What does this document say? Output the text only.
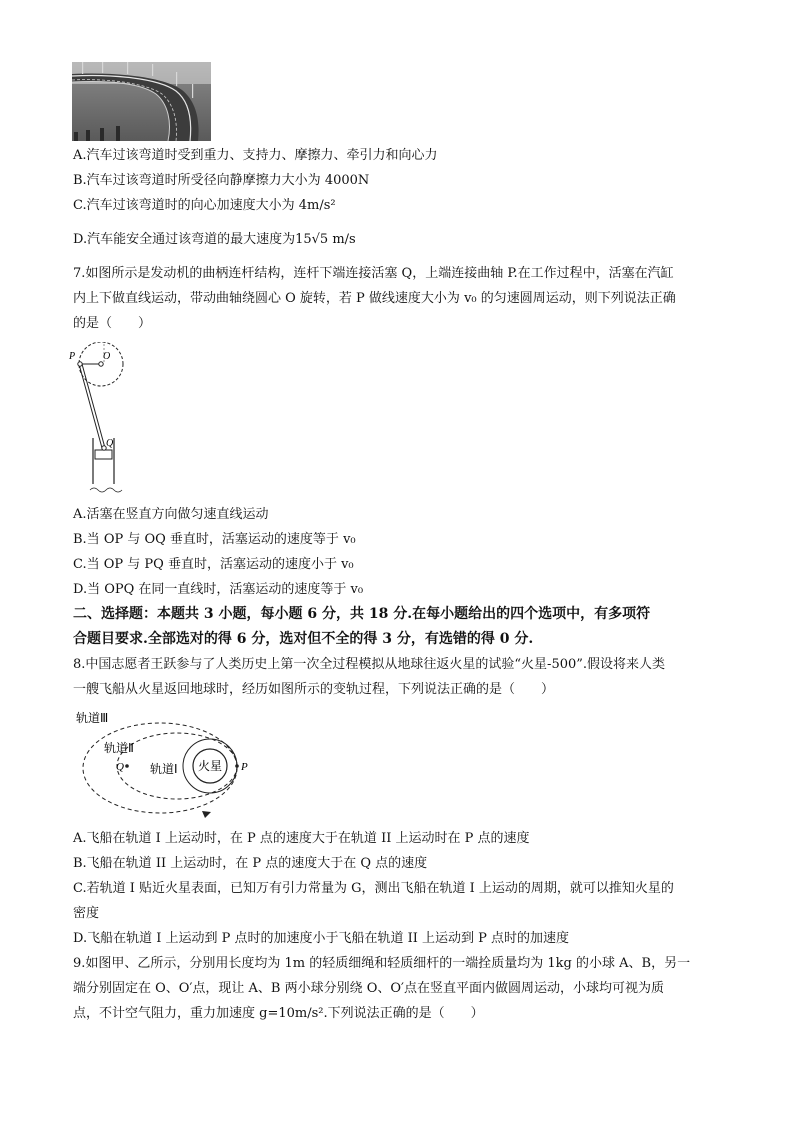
A.汽车过该弯道时受到重力、支持力、摩擦力、牵引力和向心力
B.汽车过该弯道时所受径向静摩擦力大小为 4000N
C.汽车过该弯道时的向心加速度大小为 4m/s²
D.汽车能安全通过该弯道的最大速度为15√5 m/s
7.如图所示是发动机的曲柄连杆结构，连杆下端连接活塞 Q，上端连接曲轴 P.在工作过程中，活塞在汽缸
内上下做直线运动，带动曲轴绕圆心 O 旋转，若 P 做线速度大小为 v₀ 的匀速圆周运动，则下列说法正确
的是（　　）
P	O
Q
A.活塞在竖直方向做匀速直线运动
B.当 OP 与 OQ 垂直时，活塞运动的速度等于 v₀
C.当 OP 与 PQ 垂直时，活塞运动的速度小于 v₀
D.当 OPQ 在同一直线时，活塞运动的速度等于 v₀
二、选择题：本题共 3 小题，每小题 6 分，共 18 分.在每小题给出的四个选项中，有多项符
合题目要求.全部选对的得 6 分，选对但不全的得 3 分，有选错的得 0 分.
8.中国志愿者王跃参与了人类历史上第一次全过程模拟从地球往返火星的试验“火星-500”.假设将来人类
一艘飞船从火星返回地球时，经历如图所示的变轨过程，下列说法正确的是（　　）
轨道Ⅲ
火星
轨道Ⅱ
轨道Ⅰ
Q	P
A.飞船在轨道 I 上运动时，在 P 点的速度大于在轨道 II 上运动时在 P 点的速度
B.飞船在轨道 II 上运动时，在 P 点的速度大于在 Q 点的速度
C.若轨道 I 贴近火星表面，已知万有引力常量为 G，测出飞船在轨道 I 上运动的周期，就可以推知火星的
密度
D.飞船在轨道 I 上运动到 P 点时的加速度小于飞船在轨道 II 上运动到 P 点时的加速度
9.如图甲、乙所示，分别用长度均为 1m 的轻质细绳和轻质细杆的一端拴质量均为 1kg 的小球 A、B，另一
端分别固定在 O、O′点，现让 A、B 两小球分别绕 O、O′点在竖直平面内做圆周运动，小球均可视为质
点，不计空气阻力，重力加速度 g=10m/s².下列说法正确的是（　　）
